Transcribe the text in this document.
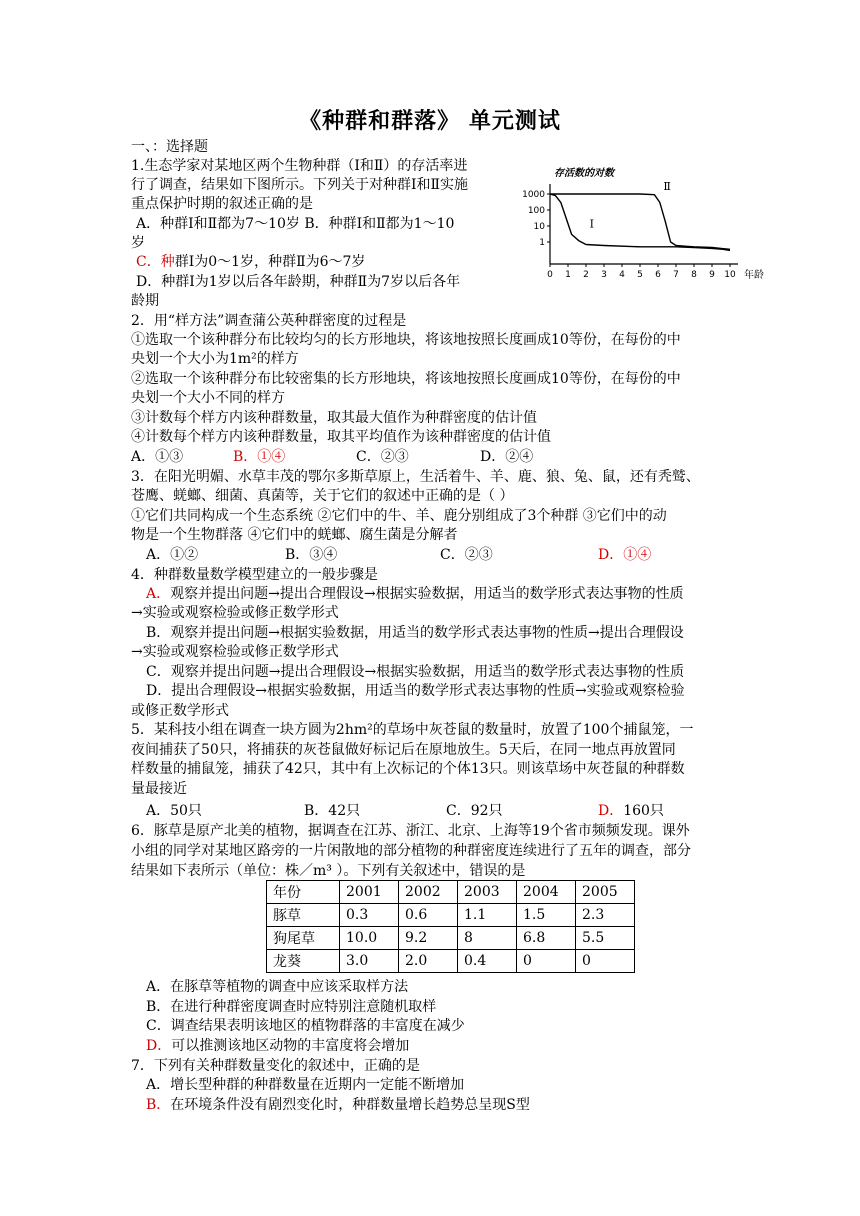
《种群和群落》 单元测试
一、：选择题
1.生态学家对某地区两个生物种群（Ⅰ和Ⅱ）的存活率进
行了调查，结果如下图所示。下列关于对种群Ⅰ和Ⅱ实施
重点保护时期的叙述正确的是
A．种群Ⅰ和Ⅱ都为7～10岁 B．种群Ⅰ和Ⅱ都为1～10
岁
C．种群Ⅰ为0～1岁，种群Ⅱ为6～7岁
D．种群Ⅰ为1岁以后各年龄期，种群Ⅱ为7岁以后各年
龄期
存活数的对数
1000
100
10
1
0 1 2 3 4 5 6 7 8 9 10
Ⅰ
Ⅱ
年龄
2．用“样方法”调查蒲公英种群密度的过程是
①选取一个该种群分布比较均匀的长方形地块，将该地按照长度画成10等份，在每份的中
央划一个大小为1m²的样方
②选取一个该种群分布比较密集的长方形地块，将该地按照长度画成10等份，在每份的中
央划一个大小不同的样方
③计数每个样方内该种群数量，取其最大值作为种群密度的估计值
④计数每个样方内该种群数量，取其平均值作为该种群密度的估计值
A．①③	B．①④	C．②③	D．②④
3．在阳光明媚、水草丰茂的鄂尔多斯草原上，生活着牛、羊、鹿、狼、兔、鼠，还有秃鹫、
苍鹰、蜣螂、细菌、真菌等，关于它们的叙述中正确的是（ ）
①它们共同构成一个生态系统 ②它们中的牛、羊、鹿分别组成了3个种群 ③它们中的动
物是一个生物群落 ④它们中的蜣螂、腐生菌是分解者
A．①②	B．③④	C．②③	D．①④
4．种群数量数学模型建立的一般步骤是
A．观察并提出问题→提出合理假设→根据实验数据，用适当的数学形式表达事物的性质
→实验或观察检验或修正数学形式
B．观察并提出问题→根据实验数据，用适当的数学形式表达事物的性质→提出合理假设
→实验或观察检验或修正数学形式
C．观察并提出问题→提出合理假设→根据实验数据，用适当的数学形式表达事物的性质
D．提出合理假设→根据实验数据，用适当的数学形式表达事物的性质→实验或观察检验
或修正数学形式
5．某科技小组在调查一块方圆为2hm²的草场中灰苍鼠的数量时，放置了100个捕鼠笼，一
夜间捕获了50只，将捕获的灰苍鼠做好标记后在原地放生。5天后，在同一地点再放置同
样数量的捕鼠笼，捕获了42只，其中有上次标记的个体13只。则该草场中灰苍鼠的种群数
量最接近
A．50只	B．42只	C．92只	D．160只
6．豚草是原产北美的植物，据调查在江苏、浙江、北京、上海等19个省市频频发现。课外
小组的同学对某地区路旁的一片闲散地的部分植物的种群密度连续进行了五年的调查，部分
结果如下表所示（单位：株／m³ ）。下列有关叙述中，错误的是
年份	2001	2002	2003	2004	2005
豚草	0.3	0.6	1.1	1.5	2.3
狗尾草	10.0	9.2	8	6.8	5.5
龙葵	3.0	2.0	0.4	0	0
A．在豚草等植物的调查中应该采取样方法
B．在进行种群密度调查时应特别注意随机取样
C．调查结果表明该地区的植物群落的丰富度在减少
D．可以推测该地区动物的丰富度将会增加
7．下列有关种群数量变化的叙述中，正确的是
A．增长型种群的种群数量在近期内一定能不断增加
B．在环境条件没有剧烈变化时，种群数量增长趋势总呈现S型
